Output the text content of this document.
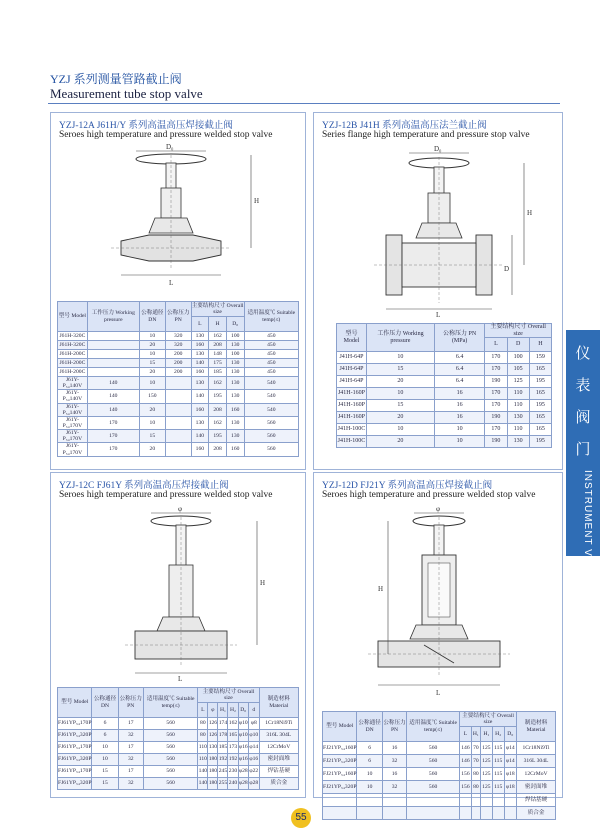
YZJ 系列测量管路截止阀
Measurement tube stop valve
YZJ-12A J61H/Y 系列高温高压焊接截止阀
Seroes high temperature and pressure welded stop valve
D₀
H
L
型号 Model	工作压力 Working pressure	公称通径 DN	公称压力 PN	主要结构尺寸 Overall size			适用温度℃ Suitable temp(≤)
				L	H	D₀	
J61H-320C		10	320	130	162	100	450
J61H-320C		20	320	160	208	130	450
J61H-200C		10	200	130	148	100	450
J61H-200C		15	200	140	175	130	450
J61H-200C		20	200	160	185	130	450
J61Y-P₅₄140V	140	10		130	162	130	540
J61Y-P₅₄140V	140	150		140	195	130	540
J61Y-P₅₄140V	140	20		160	208	160	540
J61Y-P₅₄170V	170	10		130	162	130	560
J61Y-P₅₄170V	170	15		140	195	130	560
J61Y-P₅₄170V	170	20		160	208	160	560
YZJ-12B J41H 系列高温高压法兰截止阀
Series flange high temperature and pressure stop valve
D₀
H
D
L
型号 Model	工作压力 Working pressure	公称压力 PN (MPa)	主要结构尺寸 Overall size		
			L	D	H
J41H-64P	10	6.4	170	100	159
J41H-64P	15	6.4	170	105	165
J41H-64P	20	6.4	190	125	195
J41H-160P	10	16	170	110	165
J41H-160P	15	16	170	110	195
J41H-160P	20	16	190	130	165
J41H-100C	10	10	170	110	165
J41H-100C	20	10	190	130	195
YZJ-12C FJ61Y 系列高温高压焊接截止阀
Seroes high temperature and pressure welded stop valve
φ
H
L
型号 Model	公称通径 DN	公称压力 PN	适用温度℃ Suitable temp(≤)	主要结构尺寸 Overall size						制造材料 Material
				L	φ	H₁	H₂	D₀	d	
FJ61YP₅₄170P	6	17	560	80	126	174	162	φ10	φ8	1Cr18Ni9Ti
FJ61YP₅₄320P	6	32	560	80	126	178	165	φ10	φ10	316L 304L
FJ61YP₅₄170P	10	17	560	110	130	185	173	φ16	φ14	12CrMoV
FJ61YP₅₄320P	10	32	560	110	180	192	192	φ16	φ16	密封面堆
FJ61YP₅₄170P	15	17	560	140	180	245	230	φ28	φ22	焊钴基硬
FJ61YP₅₄320P	15	32	560	140	180	255	240	φ28	φ28	质合金
YZJ-12D FJ21Y 系列高温高压焊接截止阀
Seroes high temperature and pressure welded stop valve
φ
H
L
型号 Model	公称通径 DN	公称压力 PN	适用温度℃ Suitable temp(≤)	主要结构尺寸 Overall size					制造材料 Material
				L	H₁	H₁	H₂	D₀	
FJ21YP₅₄160P	6	16	560	146	70	125	115	φ14	1Cr18Ni9Ti
FJ21YP₅₄320P	6	32	560	146	70	125	115	φ14	316L 304L
FJ21YP₅₄160P	10	16	560	156	80	125	115	φ18	12CrMoV
FJ21YP₅₄320P	10	32	560	156	80	125	115	φ18	密封面堆
									焊钴基硬
									质合金
仪
表
阀
门
INSTRUMENT VALVES
55
